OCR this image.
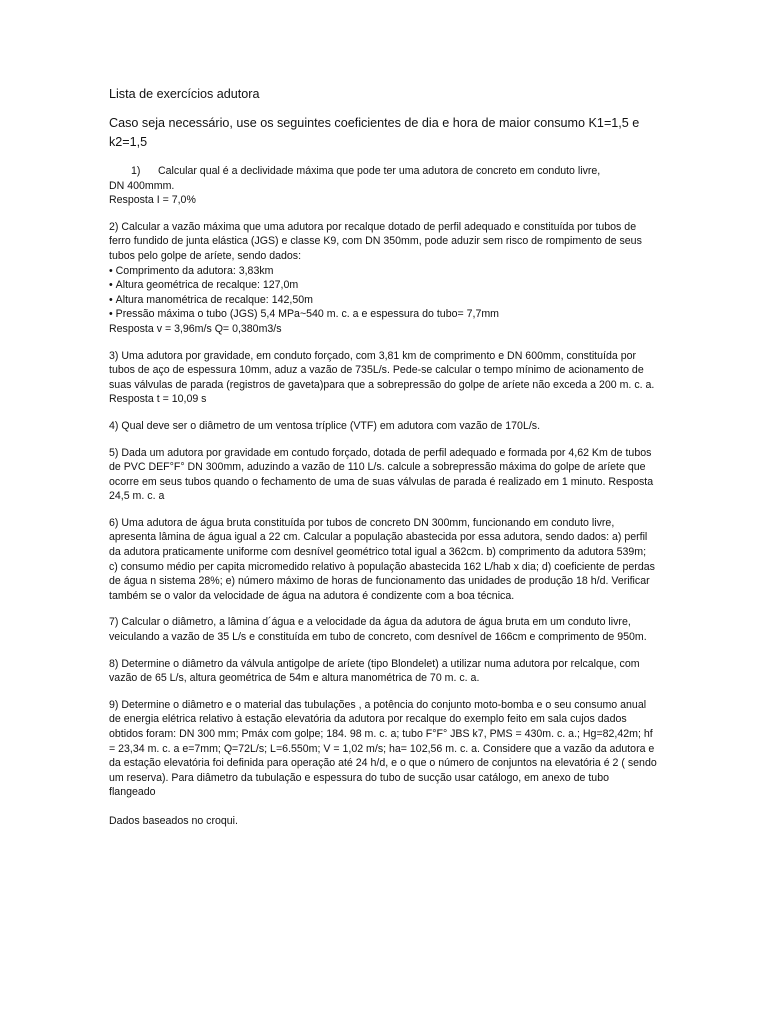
Lista de exercícios adutora
Caso seja necessário, use os seguintes coeficientes de dia e hora de maior consumo K1=1,5 e k2=1,5
1)	Calcular qual é a declividade máxima que pode ter uma adutora de concreto em conduto livre,

DN 400mmm.

Resposta I = 7,0%

2) Calcular a vazão máxima que uma adutora por recalque dotado de perfil adequado e constituída por tubos de ferro fundido de junta elástica (JGS) e classe K9, com DN 350mm, pode aduzir sem risco de rompimento de seus tubos pelo golpe de aríete, sendo dados:

• Comprimento da adutora: 3,83km
• Altura geométrica de recalque: 127,0m
• Altura manométrica de recalque: 142,50m
• Pressão máxima o tubo (JGS) 5,4 MPa~540 m. c. a e espessura do tubo= 7,7mm

Resposta v = 3,96m/s Q= 0,380m3/s

3) Uma adutora por gravidade, em conduto forçado, com 3,81 km de comprimento e DN 600mm, constituída por tubos de aço de espessura 10mm, aduz a vazão de 735L/s. Pede-se calcular o tempo mínimo de acionamento de suas válvulas de parada (registros de gaveta)para que a sobrepressão do golpe de aríete não exceda a 200 m. c. a.

Resposta t = 10,09 s

4) Qual deve ser o diâmetro de um ventosa tríplice (VTF) em adutora com vazão de 170L/s.

5) Dada um adutora por gravidade em contudo forçado, dotada de perfil adequado e formada por 4,62 Km de tubos de PVC DEF°F° DN 300mm, aduzindo a vazão de 110 L/s. calcule a sobrepressão máxima do golpe de aríete que ocorre em seus tubos quando o fechamento de uma de suas válvulas de parada é realizado em 1 minuto. Resposta 24,5 m. c. a

6) Uma adutora de água bruta constituída por tubos de concreto DN 300mm, funcionando em conduto livre, apresenta lâmina de água igual a 22 cm. Calcular a população abastecida por essa adutora, sendo dados: a) perfil da adutora praticamente uniforme com desnível geométrico total igual a 362cm. b) comprimento da adutora 539m; c) consumo médio per capita micromedido relativo à população abastecida 162 L/hab x dia; d) coeficiente de perdas de água n sistema 28%; e) número máximo de horas de funcionamento das unidades de produção 18 h/d. Verificar também se o valor da velocidade de água na adutora é condizente com a boa técnica.

7) Calcular o diâmetro, a lâmina d´água e a velocidade da água da adutora de água bruta em um conduto livre, veiculando a vazão de 35 L/s e constituída em tubo de concreto, com desnível de 166cm e comprimento de 950m.

8) Determine o diâmetro da válvula antigolpe de aríete (tipo Blondelet) a utilizar numa adutora por relcalque, com vazão de 65 L/s, altura geométrica de 54m e altura manométrica de 70 m. c. a.

9) Determine o diâmetro e o material das tubulações , a potência do conjunto moto-bomba e o seu consumo anual de energia elétrica relativo à estação elevatória da adutora por recalque do exemplo feito em sala cujos dados obtidos foram: DN 300 mm; Pmáx com golpe; 184. 98 m. c. a; tubo F°F° JBS k7, PMS = 430m. c. a.; Hg=82,42m; hf = 23,34 m. c. a e=7mm; Q=72L/s; L=6.550m; V = 1,02 m/s; ha= 102,56 m. c. a. Considere que a vazão da adutora e da estação elevatória foi definida para operação até 24 h/d, e o que o número de conjuntos na elevatória é 2 ( sendo um reserva). Para diâmetro da tubulação e espessura do tubo de sucção usar catálogo, em anexo de tubo flangeado

Dados baseados no croqui.
